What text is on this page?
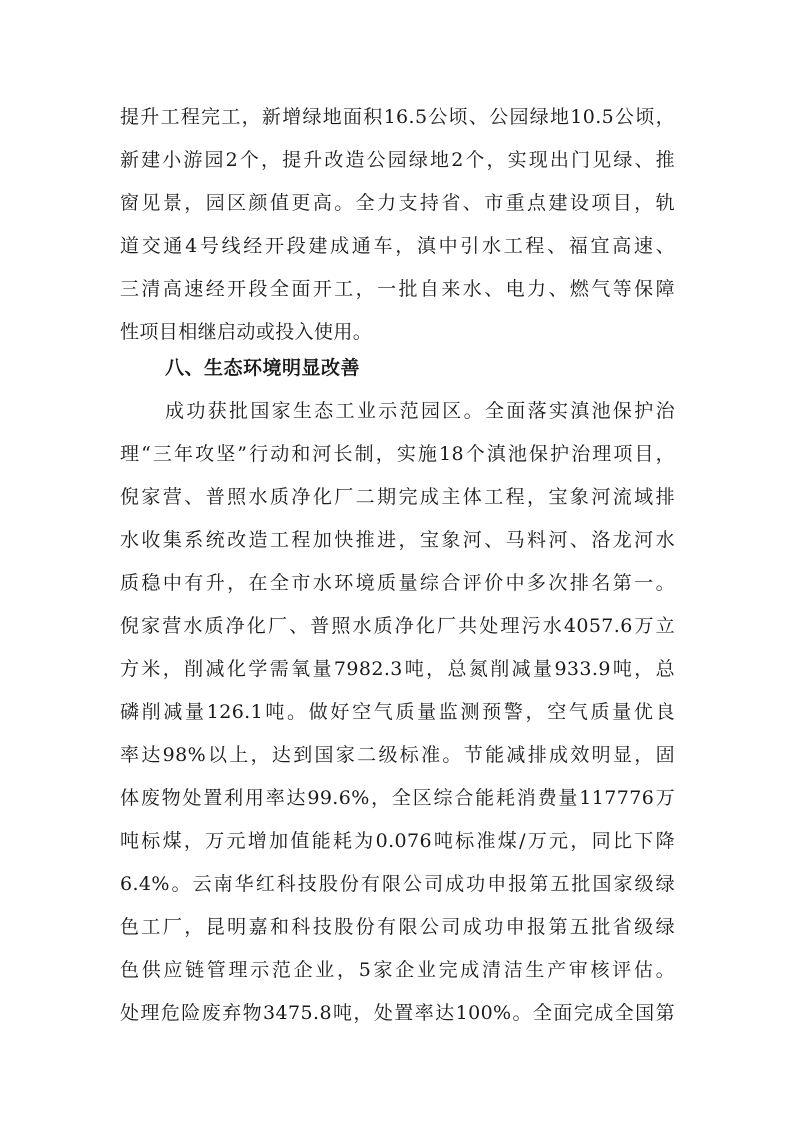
提升工程完工，新增绿地面积16.5公顷、公园绿地10.5公顷，
新建小游园2个，提升改造公园绿地2个，实现出门见绿、推
窗见景，园区颜值更高。全力支持省、市重点建设项目，轨
道交通4号线经开段建成通车，滇中引水工程、福宜高速、
三清高速经开段全面开工，一批自来水、电力、燃气等保障
性项目相继启动或投入使用。
八、生态环境明显改善
成功获批国家生态工业示范园区。全面落实滇池保护治
理“三年攻坚”行动和河长制，实施18个滇池保护治理项目，
倪家营、普照水质净化厂二期完成主体工程，宝象河流域排
水收集系统改造工程加快推进，宝象河、马料河、洛龙河水
质稳中有升，在全市水环境质量综合评价中多次排名第一。
倪家营水质净化厂、普照水质净化厂共处理污水4057.6万立
方米，削减化学需氧量7982.3吨，总氮削减量933.9吨，总
磷削减量126.1吨。做好空气质量监测预警，空气质量优良
率达98%以上，达到国家二级标准。节能减排成效明显，固
体废物处置利用率达99.6%，全区综合能耗消费量117776万
吨标煤，万元增加值能耗为0.076吨标准煤/万元，同比下降
6.4%。云南华红科技股份有限公司成功申报第五批国家级绿
色工厂，昆明嘉和科技股份有限公司成功申报第五批省级绿
色供应链管理示范企业，5家企业完成清洁生产审核评估。
处理危险废弃物3475.8吨，处置率达100%。全面完成全国第
